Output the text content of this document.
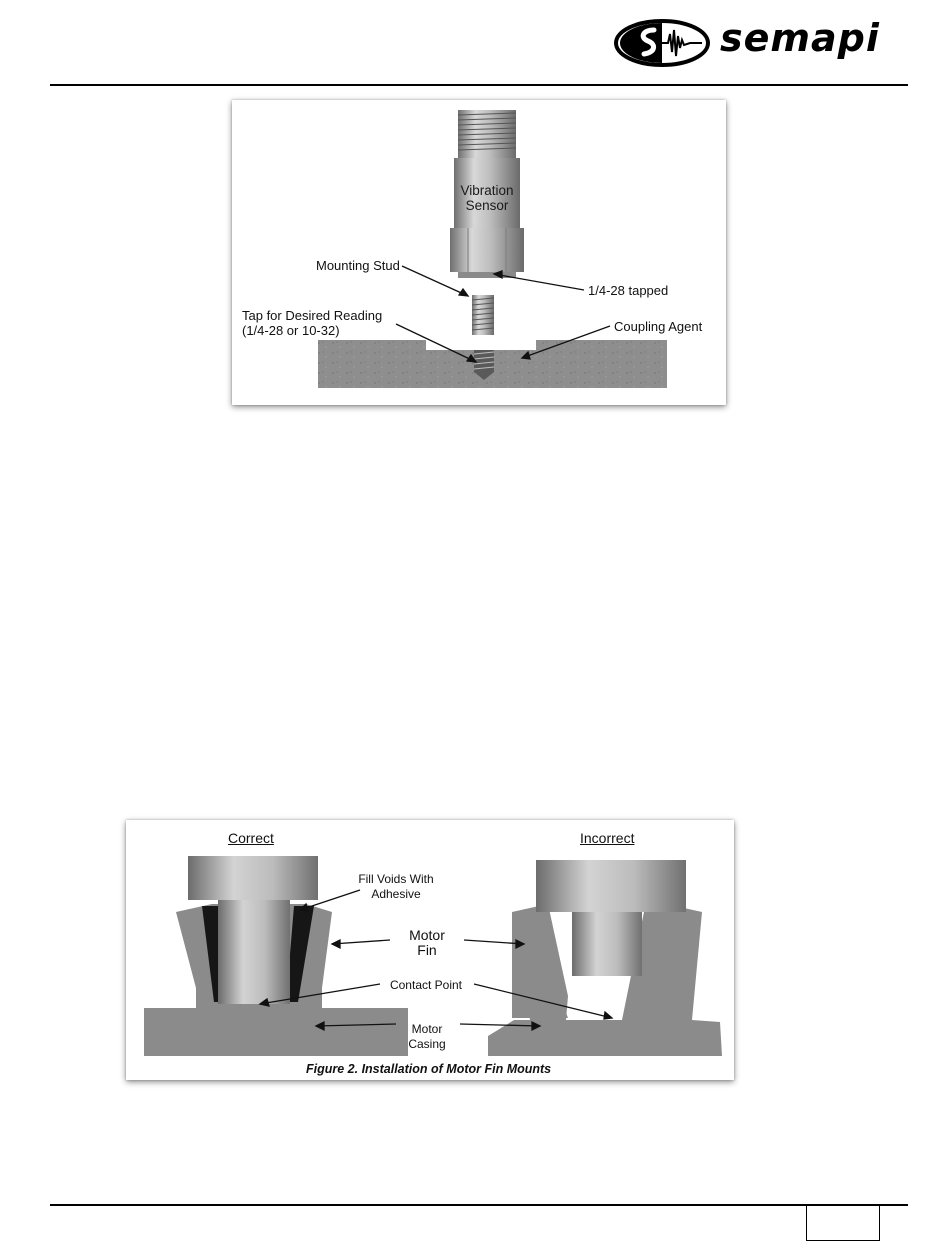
semapi
Vibration
Sensor
Mounting Stud
1/4-28 tapped
Tap for Desired Reading
(1/4-28 or 10-32)	Coupling Agent
Correct	Incorrect
Fill Voids With
Adhesive
Motor
Fin
Contact Point
Motor
Casing
Figure 2. Installation of Motor Fin Mounts
